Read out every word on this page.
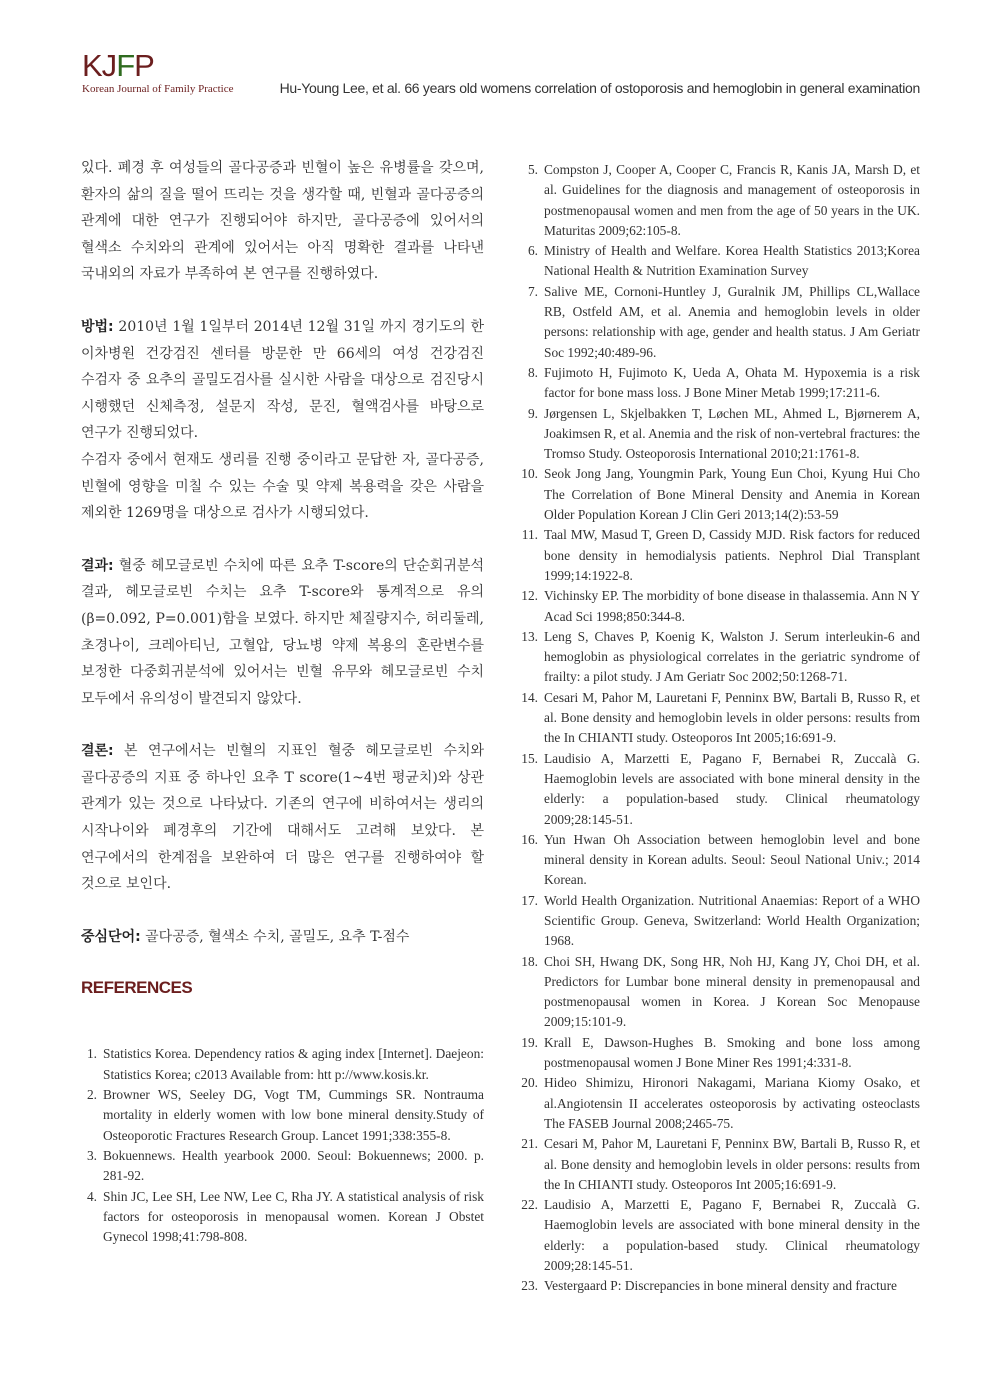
KJFP
Korean Journal of Family Practice	Hu-Young Lee, et al. 66 years old womens correlation of ostoporosis and hemoglobin in general examination

있다. 폐경 후 여성들의 골다공증과 빈혈이 높은 유병률을 갖으며, 환자의 삶의 질을 떨어 뜨리는 것을 생각할 때, 빈혈과 골다공증의 관계에 대한 연구가 진행되어야 하지만, 골다공증에 있어서의 혈색소 수치와의 관계에 있어서는 아직 명확한 결과를 나타낸 국내외의 자료가 부족하여 본 연구를 진행하였다.

방법: 2010년 1월 1일부터 2014년 12월 31일 까지 경기도의 한 이차병원 건강검진 센터를 방문한 만 66세의 여성 건강검진 수검자 중 요추의 골밀도검사를 실시한 사람을 대상으로 검진당시 시행했던 신체측정, 설문지 작성, 문진, 혈액검사를 바탕으로 연구가 진행되었다.

수검자 중에서 현재도 생리를 진행 중이라고 문답한 자, 골다공증, 빈혈에 영향을 미칠 수 있는 수술 및 약제 복용력을 갖은 사람을 제외한 1269명을 대상으로 검사가 시행되었다.

결과: 혈중 헤모글로빈 수치에 따른 요추 T-score의 단순회귀분석 결과, 헤모글로빈 수치는 요추 T-score와 통계적으로 유의(β=0.092, P=0.001)함을 보였다. 하지만 체질량지수, 허리둘레, 초경나이, 크레아티닌, 고혈압, 당뇨병 약제 복용의 혼란변수를 보정한 다중회귀분석에 있어서는 빈혈 유무와 헤모글로빈 수치 모두에서 유의성이 발견되지 않았다.

결론: 본 연구에서는 빈혈의 지표인 혈중 헤모글로빈 수치와 골다공증의 지표 중 하나인 요추 T score(1~4번 평균치)와 상관 관계가 있는 것으로 나타났다. 기존의 연구에 비하여서는 생리의 시작나이와 폐경후의 기간에 대해서도 고려해 보았다. 본 연구에서의 한계점을 보완하여 더 많은 연구를 진행하여야 할 것으로 보인다.

중심단어: 골다공증, 혈색소 수치, 골밀도, 요추 T-점수

REFERENCES
1. Statistics Korea. Dependency ratios & aging index [Internet]. Daejeon: Statistics Korea; c2013 Available from: htt p://www.kosis.kr.
2. Browner WS, Seeley DG, Vogt TM, Cummings SR. Nontrauma mortality in elderly women with low bone mineral density.Study of Osteoporotic Fractures Research Group. Lancet 1991;338:355-8.
3. Bokuennews. Health yearbook 2000. Seoul: Bokuennews; 2000. p. 281-92.
4. Shin JC, Lee SH, Lee NW, Lee C, Rha JY. A statistical analysis of risk factors for osteoporosis in menopausal women. Korean J Obstet Gynecol 1998;41:798-808.
5. Compston J, Cooper A, Cooper C, Francis R, Kanis JA, Marsh D, et al. Guidelines for the diagnosis and management of osteoporosis in postmenopausal women and men from the age of 50 years in the UK. Maturitas 2009;62:105-8.
6. Ministry of Health and Welfare. Korea Health Statistics 2013;Korea National Health & Nutrition Examination Survey
7. Salive ME, Cornoni-Huntley J, Guralnik JM, Phillips CL,Wallace RB, Ostfeld AM, et al. Anemia and hemoglobin levels in older persons: relationship with age, gender and health status. J Am Geriatr Soc 1992;40:489-96.
8. Fujimoto H, Fujimoto K, Ueda A, Ohata M. Hypoxemia is a risk factor for bone mass loss. J Bone Miner Metab 1999;17:211-6.
9. Jørgensen L, Skjelbakken T, Løchen ML, Ahmed L, Bjørnerem A, Joakimsen R, et al. Anemia and the risk of non-vertebral fractures: the Tromso Study. Osteoporosis International 2010;21:1761-8.
10. Seok Jong Jang, Youngmin Park, Young Eun Choi, Kyung Hui Cho The Correlation of Bone Mineral Density and Anemia in Korean Older Population Korean J Clin Geri 2013;14(2):53-59
11. Taal MW, Masud T, Green D, Cassidy MJD. Risk factors for reduced bone density in hemodialysis patients. Nephrol Dial Transplant 1999;14:1922-8.
12. Vichinsky EP. The morbidity of bone disease in thalassemia. Ann N Y Acad Sci 1998;850:344-8.
13. Leng S, Chaves P, Koenig K, Walston J. Serum interleukin-6 and hemoglobin as physiological correlates in the geriatric syndrome of frailty: a pilot study. J Am Geriatr Soc 2002;50:1268-71.
14. Cesari M, Pahor M, Lauretani F, Penninx BW, Bartali B, Russo R, et al. Bone density and hemoglobin levels in older persons: results from the In CHIANTI study. Osteoporos Int 2005;16:691-9.
15. Laudisio A, Marzetti E, Pagano F, Bernabei R, Zuccalà G. Haemoglobin levels are associated with bone mineral density in the elderly: a population-based study. Clinical rheumatology 2009;28:145-51.
16. Yun Hwan Oh Association between hemoglobin level and bone mineral density in Korean adults. Seoul: Seoul National Univ.; 2014 Korean.
17. World Health Organization. Nutritional Anaemias: Report of a WHO Scientific Group. Geneva, Switzerland: World Health Organization; 1968.
18. Choi SH, Hwang DK, Song HR, Noh HJ, Kang JY, Choi DH, et al. Predictors for Lumbar bone mineral density in premenopausal and postmenopausal women in Korea. J Korean Soc Menopause 2009;15:101-9.
19. Krall E, Dawson-Hughes B. Smoking and bone loss among postmenopausal women J Bone Miner Res 1991;4:331-8.
20. Hideo Shimizu, Hironori Nakagami, Mariana Kiomy Osako, et al.Angiotensin II accelerates osteoporosis by activating osteoclasts The FASEB Journal 2008;2465-75.
21. Cesari M, Pahor M, Lauretani F, Penninx BW, Bartali B, Russo R, et al. Bone density and hemoglobin levels in older persons: results from the In CHIANTI study. Osteoporos Int 2005;16:691-9.
22. Laudisio A, Marzetti E, Pagano F, Bernabei R, Zuccalà G. Haemoglobin levels are associated with bone mineral density in the elderly: a population-based study. Clinical rheumatology 2009;28:145-51.
23. Vestergaard P: Discrepancies in bone mineral density and fracture
